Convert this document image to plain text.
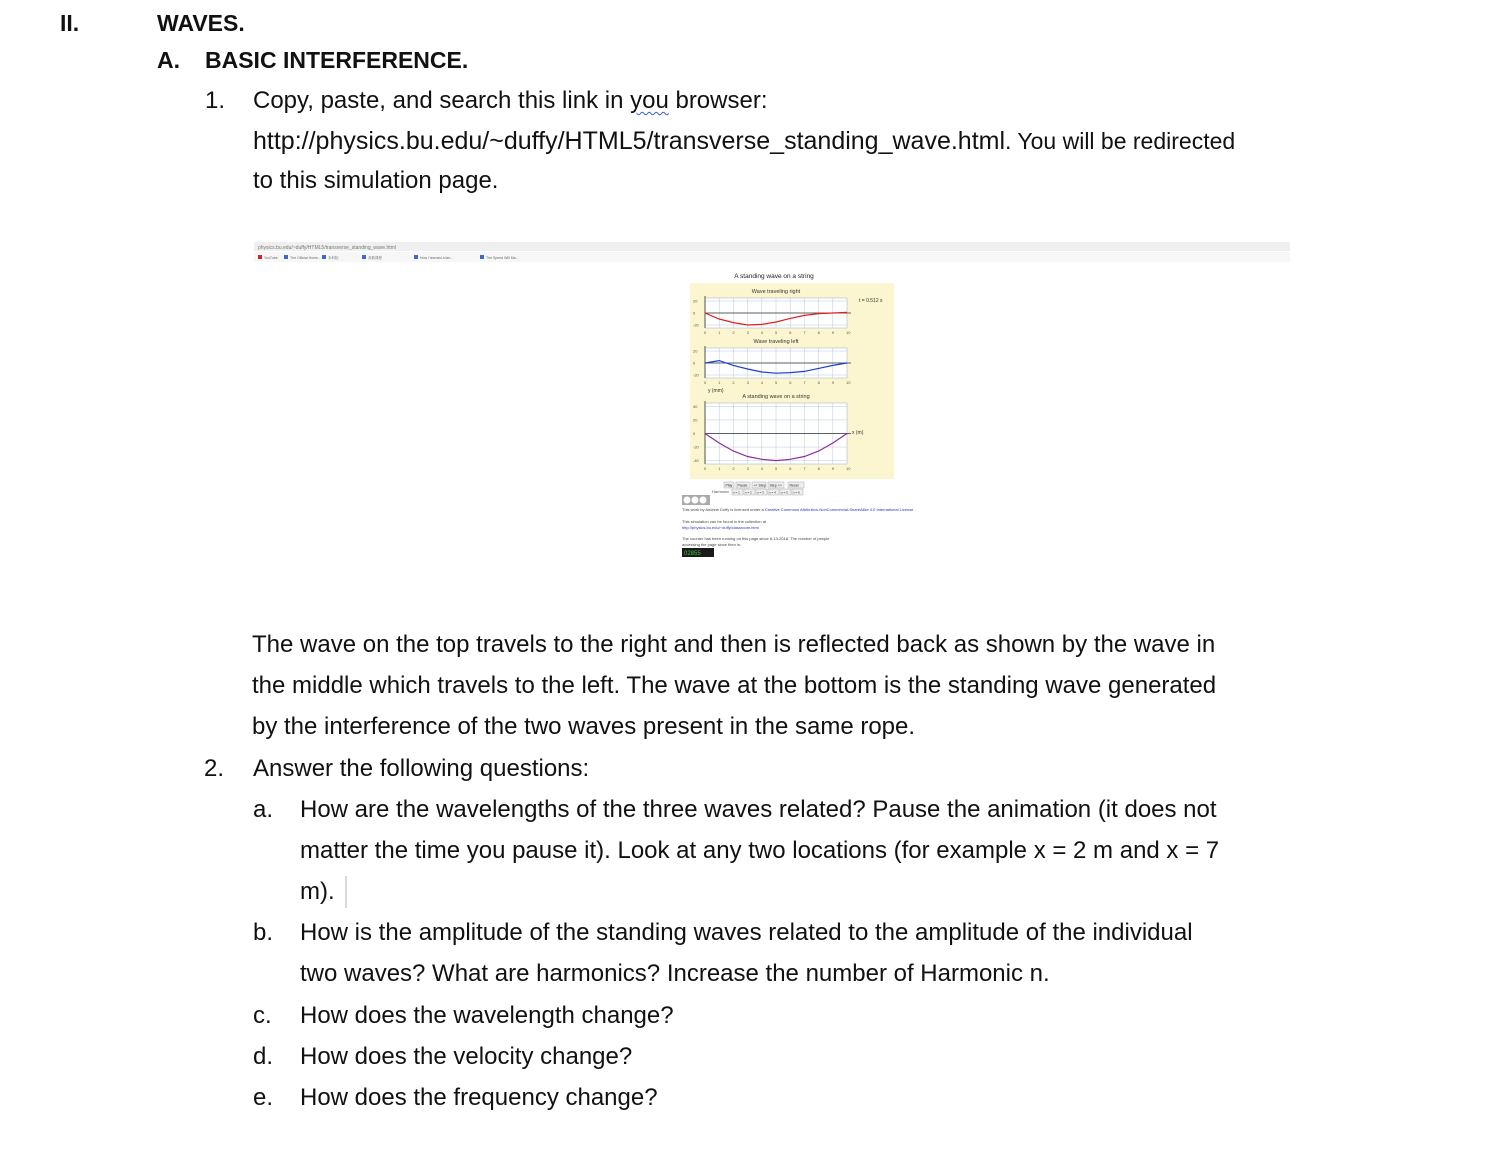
II.	WAVES.
A. BASIC INTERFERENCE.
1. Copy, paste, and search this link in you browser:
http://physics.bu.edu/~duffy/HTML5/transverse_standing_wave.html. You will be redirected
to this simulation page.
physics.bu.edu/~duffy/HTML5/transverse_standing_wave.html
YouTube	The Official Home... 本科院	高数课程	How I learned a lan...	The Speed Will Ma...
A standing wave on a string
Wave traveling right
t = 0.512 s
Wave traveling left
y (mm)
A standing wave on a string
x (m)
20
0
-20
0	1	2	3	4	5	6	7	8	9	10
20
0
-20
0	1	2	3	4	5	6	7	8	9	10
40
20
0
-20
-40
0	1	2	3	4	5	6	7	8	9	10
Play Pause << Step Step >> Reset
n = 1 n = 2 n = 3 n = 4 n = 5 n = 6
Harmonic
This work by Andrew Duffy is licensed under a Creative Commons Attribution-NonCommercial-ShareAlike 4.0 International License
This simulation can be found in the collection at
http://physics.bu.edu/~duffy/classroom.html
The counter has been running on this page since 8-13-2018. The number of people
accessing the page since then is:
02855
The wave on the top travels to the right and then is reflected back as shown by the wave in
the middle which travels to the left. The wave at the bottom is the standing wave generated
by the interference of the two waves present in the same rope.
2. Answer the following questions:
a. How are the wavelengths of the three waves related? Pause the animation (it does not
matter the time you pause it). Look at any two locations (for example x = 2 m and x = 7
m).
b. How is the amplitude of the standing waves related to the amplitude of the individual
two waves? What are harmonics? Increase the number of Harmonic n.
c. How does the wavelength change?
d. How does the velocity change?
e. How does the frequency change?
